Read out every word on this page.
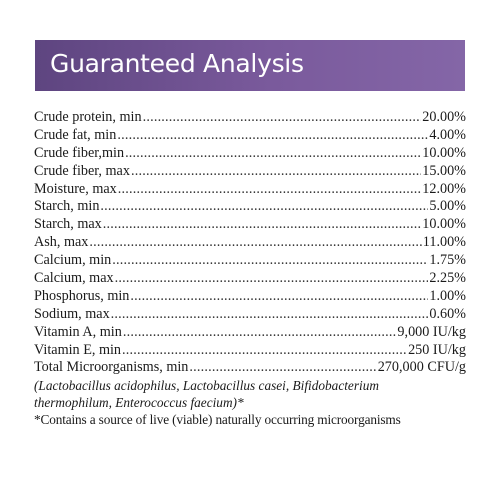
Guaranteed Analysis
Crude protein, min .....	20.00%
Crude fat, min .....	4.00%
Crude fiber,min .....	10.00%
Crude fiber, max .....	15.00%
Moisture, max .....	12.00%
Starch, min .....	5.00%
Starch, max .....	10.00%
Ash, max .....	11.00%
Calcium, min .....	1.75%
Calcium, max .....	2.25%
Phosphorus, min .....	1.00%
Sodium, max .....	0.60%
Vitamin A, min .....	9,000 IU/kg
Vitamin E, min .....	250 IU/kg
Total Microorganisms, min .....	270,000 CFU/g
(Lactobacillus acidophilus, Lactobacillus casei, Bifidobacterium
thermophilum, Enterococcus faecium)*
*Contains a source of live (viable) naturally occurring microorganisms
